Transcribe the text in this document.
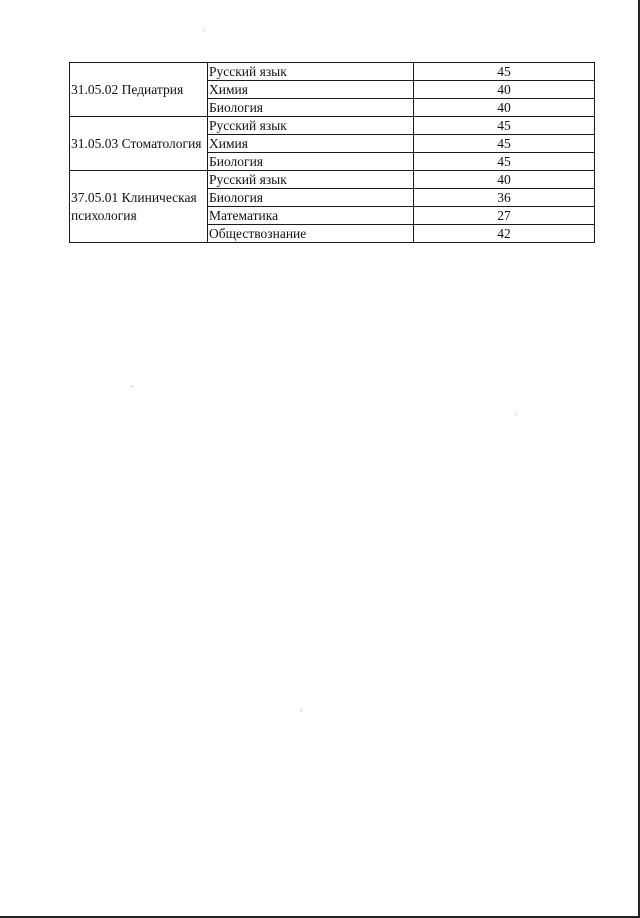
31.05.02 Педиатрия	Русский язык	45
	Химия	40
	Биология	40
31.05.03 Стоматология	Русский язык	45
	Химия	45
	Биология	45
37.05.01 Клиническая психология	Русский язык	40
	Биология	36
	Математика	27
	Обществознание	42
